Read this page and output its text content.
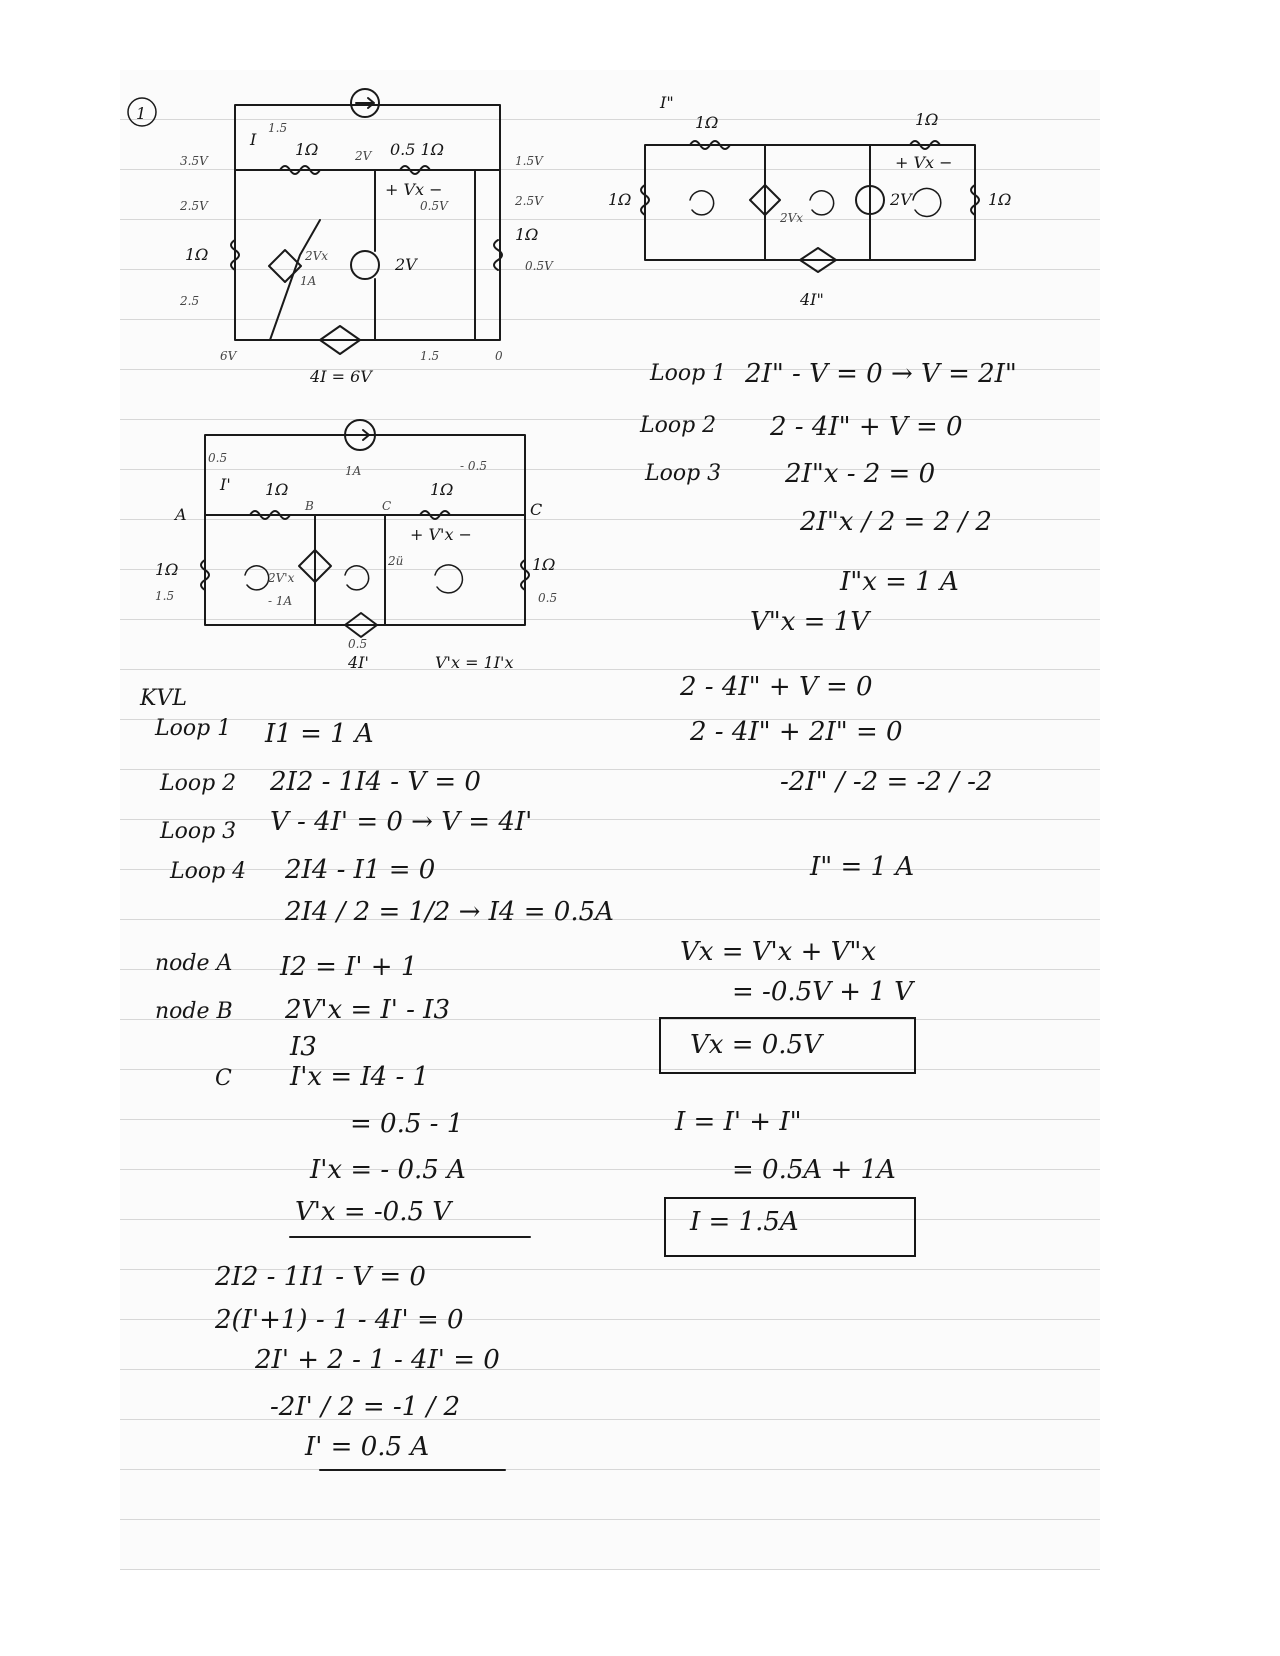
1
I
1.5
1Ω	0.5 1Ω
2V
3.5V
2.5V
1Ω
2.5
1Ω
1.5V
2.5V
0.5V
+ Vx −
0.5V
2Vx
1A
2V
6V	1.5	0
4I = 6V
0.5
I'
A
1Ω
B
1A
C
1Ω
+ V'x −
- 0.5
C
1Ω
1.5
2V'x
- 1A
2ü	1Ω
0.5
0.5
4I'	V'x = 1I'x
I"
1Ω	1Ω
+ Vx −
1Ω
2Vx
2V	1Ω
4I"
KVL
Loop 1 I1 = 1 A
Loop 2 2I2 - 1I4 - V = 0
Loop 3 V - 4I' = 0 → V = 4I'
Loop 4 2I4 - I1 = 0
2I4 / 2 = 1/2 → I4 = 0.5A
node A I2 = I' + 1
node B 2V'x = I' - I3
I3
C I'x = I4 - 1
= 0.5 - 1
I'x = - 0.5 A
V'x = -0.5 V
2I2 - 1I1 - V = 0
2(I'+1) - 1 - 4I' = 0
2I' + 2 - 1 - 4I' = 0
-2I' / 2 = -1 / 2
I' = 0.5 A
Loop 1 2I" - V = 0 → V = 2I"
Loop 2 2 - 4I" + V = 0
Loop 3 2I"x - 2 = 0
2I"x / 2 = 2 / 2
I"x = 1 A
V"x = 1V
2 - 4I" + V = 0
2 - 4I" + 2I" = 0
-2I" / -2 = -2 / -2
I" = 1 A
Vx = V'x + V"x
= -0.5V + 1 V
Vx = 0.5V
I = I' + I"
= 0.5A + 1A
I = 1.5A
